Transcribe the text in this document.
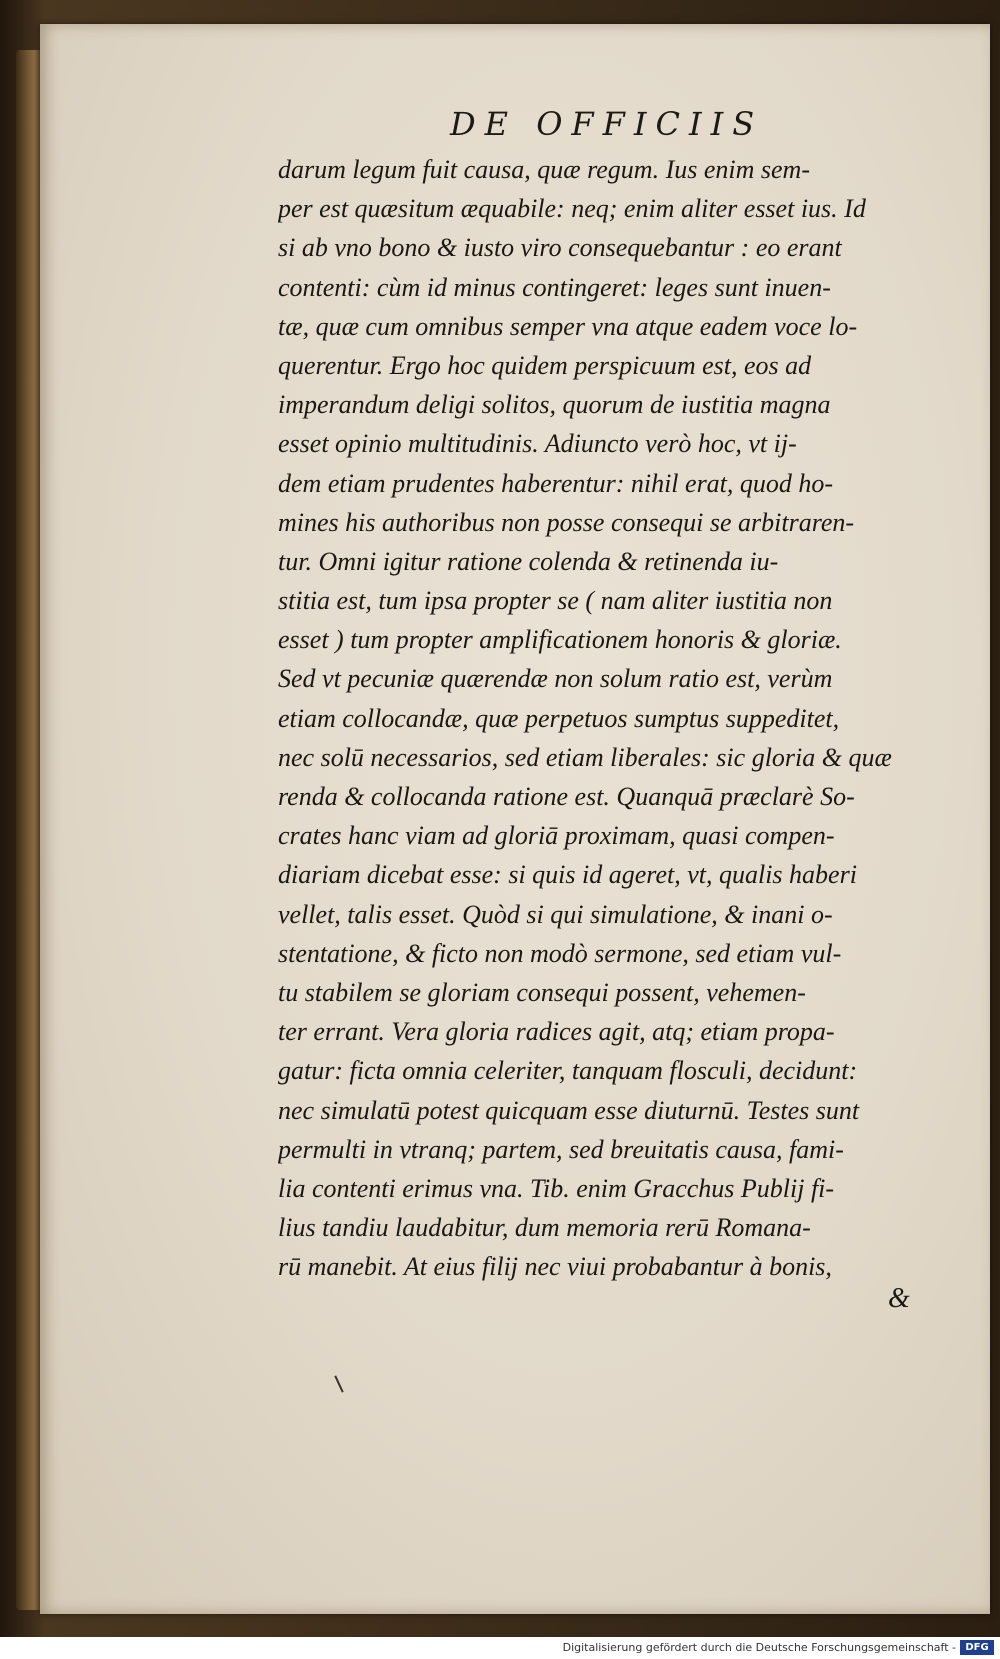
DE OFFICIIS
darum legum fuit causa, quæ regum. Ius enim sem-
per est quæsitum æquabile: neq; enim aliter esset ius. Id
si ab vno bono & iusto viro consequebantur : eo erant
contenti: cùm id minus contingeret: leges sunt inuen-
tæ, quæ cum omnibus semper vna atque eadem voce lo-
querentur. Ergo hoc quidem perspicuum est, eos ad
imperandum deligi solitos, quorum de iustitia magna
esset opinio multitudinis. Adiuncto verò hoc, vt ij-
dem etiam prudentes haberentur: nihil erat, quod ho-
mines his authoribus non posse consequi se arbitraren-
tur. Omni igitur ratione colenda & retinenda iu-
stitia est, tum ipsa propter se ( nam aliter iustitia non
esset ) tum propter amplificationem honoris & gloriæ.
Sed vt pecuniæ quærendæ non solum ratio est, verùm
etiam collocandæ, quæ perpetuos sumptus suppeditet,
nec solū necessarios, sed etiam liberales: sic gloria & quæ
renda & collocanda ratione est. Quanquā præclarè So-
crates hanc viam ad gloriā proximam, quasi compen-
diariam dicebat esse: si quis id ageret, vt, qualis haberi
vellet, talis esset. Quòd si qui simulatione, & inani o-
stentatione, & ficto non modò sermone, sed etiam vul-
tu stabilem se gloriam consequi possent, vehemen-
ter errant. Vera gloria radices agit, atq; etiam propa-
gatur: ficta omnia celeriter, tanquam flosculi, decidunt:
nec simulatū potest quicquam esse diuturnū. Testes sunt
permulti in vtranq; partem, sed breuitatis causa, fami-
lia contenti erimus vna. Tib. enim Gracchus Publij fi-
lius tandiu laudabitur, dum memoria rerū Romana-
rū manebit. At eius filij nec viui probabantur à bonis,
&
Digitalisierung gefördert durch die Deutsche Forschungsgemeinschaft - DFG
